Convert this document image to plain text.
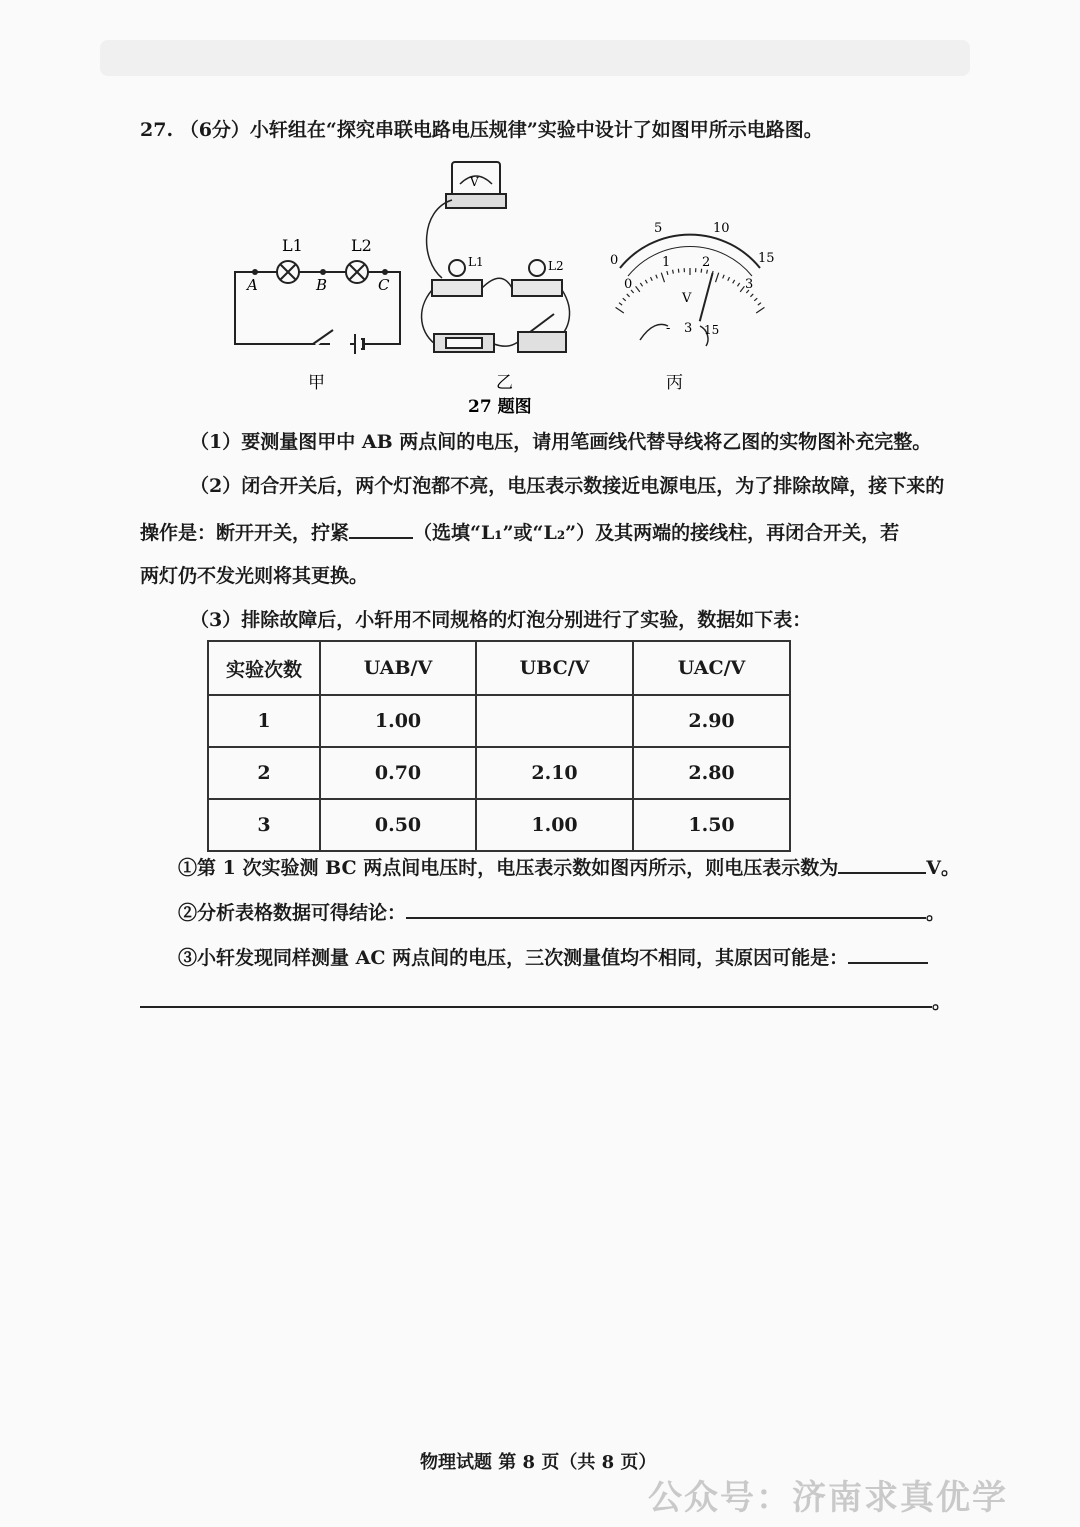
27. （6分）小轩组在“探究串联电路电压规律”实验中设计了如图甲所示电路图。
L1	L2
A	B	C
甲
V
L1	L2
乙
0
5	10
15
0
1 2
3
V
- 3 15
丙
27 题图
（1）要测量图甲中 AB 两点间的电压，请用笔画线代替导线将乙图的实物图补充完整。
（2）闭合开关后，两个灯泡都不亮，电压表示数接近电源电压，为了排除故障，接下来的
操作是：断开开关，拧紧	（选填“L₁”或“L₂”）及其两端的接线柱，再闭合开关，若
两灯仍不发光则将其更换。
（3）排除故障后，小轩用不同规格的灯泡分别进行了实验，数据如下表：
实验次数	UAB/V	UBC/V	UAC/V
1	1.00		2.90
2	0.70	2.10	2.80
3	0.50	1.00	1.50
①第 1 次实验测 BC 两点间电压时，电压表示数如图丙所示，则电压表示数为	V。
②分析表格数据可得结论：	。
③小轩发现同样测量 AC 两点间的电压，三次测量值均不相同，其原因可能是：
。
物理试题 第 8 页（共 8 页）
公众号：济南求真优学
